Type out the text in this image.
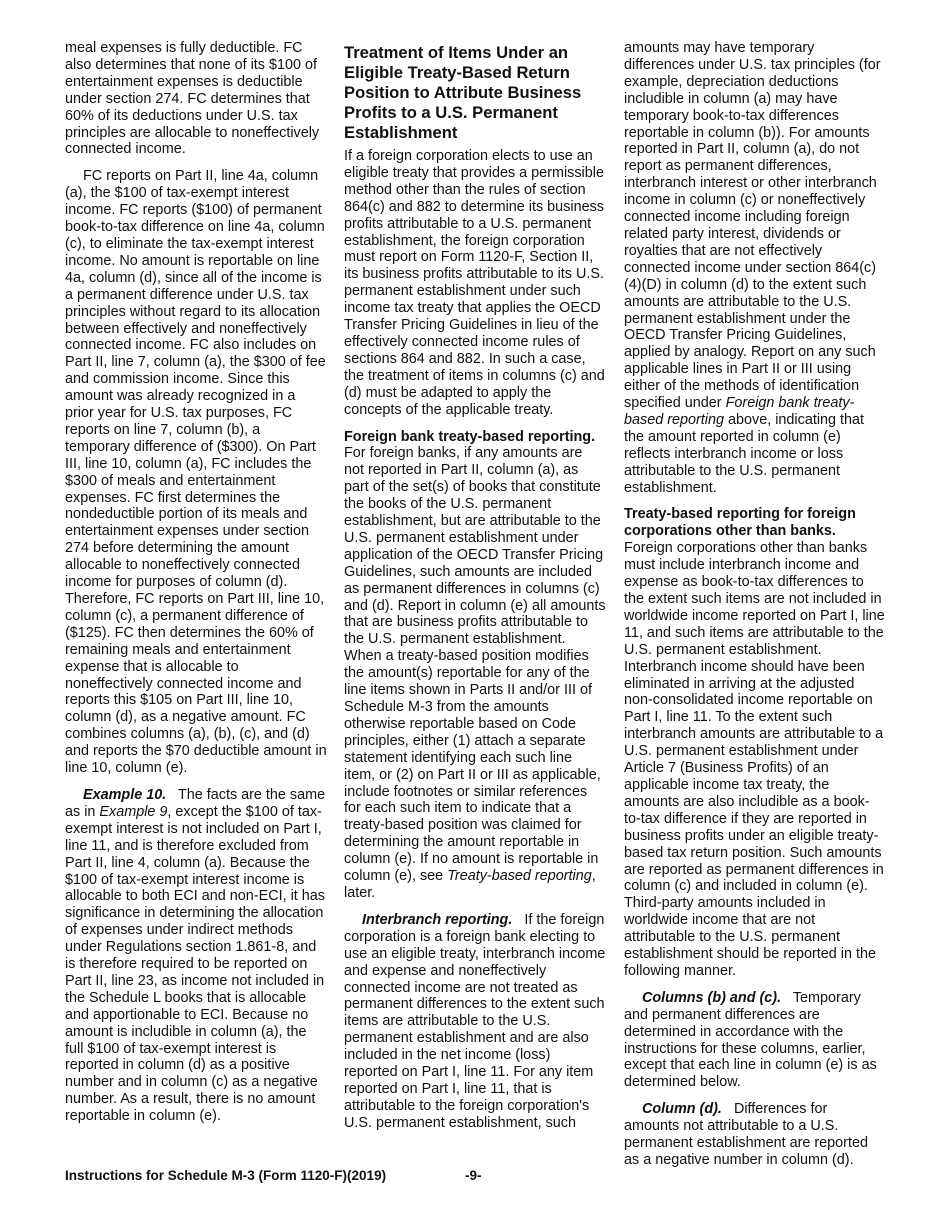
meal expenses is fully deductible. FC also determines that none of its $100 of entertainment expenses is deductible under section 274. FC determines that 60% of its deductions under U.S. tax principles are allocable to noneffectively connected income.

FC reports on Part II, line 4a, column (a), the $100 of tax-exempt interest income. FC reports ($100) of permanent book-to-tax difference on line 4a, column (c), to eliminate the tax-exempt interest income. No amount is reportable on line 4a, column (d), since all of the income is a permanent difference under U.S. tax principles without regard to its allocation between effectively and noneffectively connected income. FC also includes on Part II, line 7, column (a), the $300 of fee and commission income. Since this amount was already recognized in a prior year for U.S. tax purposes, FC reports on line 7, column (b), a temporary difference of ($300). On Part III, line 10, column (a), FC includes the $300 of meals and entertainment expenses. FC first determines the nondeductible portion of its meals and entertainment expenses under section 274 before determining the amount allocable to noneffectively connected income for purposes of column (d). Therefore, FC reports on Part III, line 10, column (c), a permanent difference of ($125). FC then determines the 60% of remaining meals and entertainment expense that is allocable to noneffectively connected income and reports this $105 on Part III, line 10, column (d), as a negative amount. FC combines columns (a), (b), (c), and (d) and reports the $70 deductible amount in line 10, column (e).

Example 10. The facts are the same as in Example 9, except the $100 of tax-exempt interest is not included on Part I, line 11, and is therefore excluded from Part II, line 4, column (a). Because the $100 of tax-exempt interest income is allocable to both ECI and non-ECI, it has significance in determining the allocation of expenses under indirect methods under Regulations section 1.861-8, and is therefore required to be reported on Part II, line 23, as income not included in the Schedule L books that is allocable and apportionable to ECI. Because no amount is includible in column (a), the full $100 of tax-exempt interest is reported in column (d) as a positive number and in column (c) as a negative number. As a result, there is no amount reportable in column (e).

Treatment of Items Under an Eligible Treaty-Based Return Position to Attribute Business Profits to a U.S. Permanent Establishment

If a foreign corporation elects to use an eligible treaty that provides a permissible method other than the rules of section 864(c) and 882 to determine its business profits attributable to a U.S. permanent establishment, the foreign corporation must report on Form 1120-F, Section II, its business profits attributable to its U.S. permanent establishment under such income tax treaty that applies the OECD Transfer Pricing Guidelines in lieu of the effectively connected income rules of sections 864 and 882. In such a case, the treatment of items in columns (c) and (d) must be adapted to apply the concepts of the applicable treaty.

Foreign bank treaty-based reporting. For foreign banks, if any amounts are not reported in Part II, column (a), as part of the set(s) of books that constitute the books of the U.S. permanent establishment, but are attributable to the U.S. permanent establishment under application of the OECD Transfer Pricing Guidelines, such amounts are included as permanent differences in columns (c) and (d). Report in column (e) all amounts that are business profits attributable to the U.S. permanent establishment. When a treaty-based position modifies the amount(s) reportable for any of the line items shown in Parts II and/or III of Schedule M-3 from the amounts otherwise reportable based on Code principles, either (1) attach a separate statement identifying each such line item, or (2) on Part II or III as applicable, include footnotes or similar references for each such item to indicate that a treaty-based position was claimed for determining the amount reportable in column (e). If no amount is reportable in column (e), see Treaty-based reporting, later.

Interbranch reporting. If the foreign corporation is a foreign bank electing to use an eligible treaty, interbranch income and expense and noneffectively connected income are not treated as permanent differences to the extent such items are attributable to the U.S. permanent establishment and are also included in the net income (loss) reported on Part I, line 11. For any item reported on Part I, line 11, that is attributable to the foreign corporation's U.S. permanent establishment, such

amounts may have temporary differences under U.S. tax principles (for example, depreciation deductions includible in column (a) may have temporary book-to-tax differences reportable in column (b)). For amounts reported in Part II, column (a), do not report as permanent differences, interbranch interest or other interbranch income in column (c) or noneffectively connected income including foreign related party interest, dividends or royalties that are not effectively connected income under section 864(c)(4)(D) in column (d) to the extent such amounts are attributable to the U.S. permanent establishment under the OECD Transfer Pricing Guidelines, applied by analogy. Report on any such applicable lines in Part II or III using either of the methods of identification specified under Foreign bank treaty-based reporting above, indicating that the amount reported in column (e) reflects interbranch income or loss attributable to the U.S. permanent establishment.

Treaty-based reporting for foreign corporations other than banks. Foreign corporations other than banks must include interbranch income and expense as book-to-tax differences to the extent such items are not included in worldwide income reported on Part I, line 11, and such items are attributable to the U.S. permanent establishment. Interbranch income should have been eliminated in arriving at the adjusted non-consolidated income reportable on Part I, line 11. To the extent such interbranch amounts are attributable to a U.S. permanent establishment under Article 7 (Business Profits) of an applicable income tax treaty, the amounts are also includible as a book-to-tax difference if they are reported in business profits under an eligible treaty-based tax return position. Such amounts are reported as permanent differences in column (c) and included in column (e). Third-party amounts included in worldwide income that are not attributable to the U.S. permanent establishment should be reported in the following manner.

Columns (b) and (c). Temporary and permanent differences are determined in accordance with the instructions for these columns, earlier, except that each line in column (e) is as determined below.

Column (d). Differences for amounts not attributable to a U.S. permanent establishment are reported as a negative number in column (d).

Instructions for Schedule M-3 (Form 1120-F)(2019)	-9-
